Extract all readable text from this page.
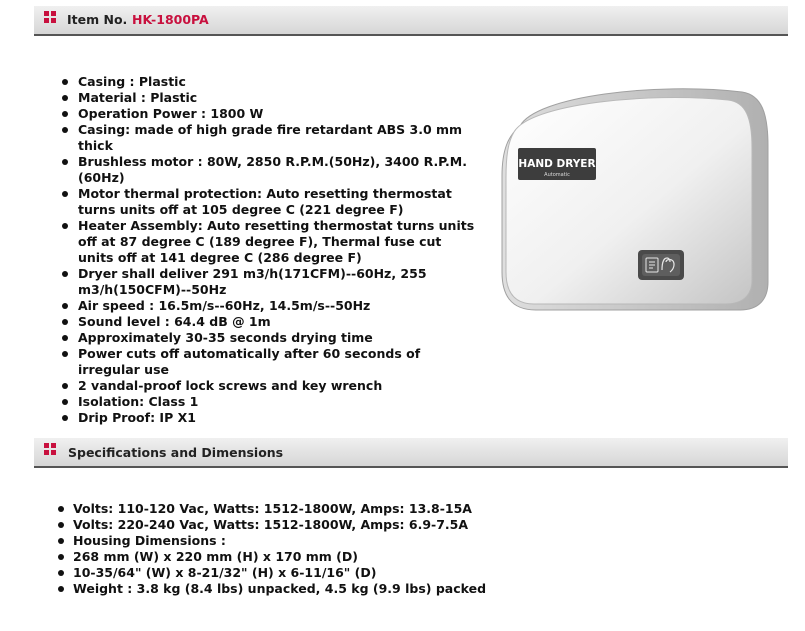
Item No. HK-1800PA
Casing : Plastic
Material : Plastic
Operation Power : 1800 W
Casing: made of high grade fire retardant ABS 3.0 mm thick
Brushless motor : 80W, 2850 R.P.M.(50Hz), 3400 R.P.M.(60Hz)
Motor thermal protection: Auto resetting thermostat turns units off at 105 degree C (221 degree F)
Heater Assembly: Auto resetting thermostat turns units off at 87 degree C (189 degree F), Thermal fuse cut units off at 141 degree C (286 degree F)
Dryer shall deliver 291 m3/h(171CFM)--60Hz, 255 m3/h(150CFM)--50Hz
Air speed : 16.5m/s--60Hz, 14.5m/s--50Hz
Sound level : 64.4 dB @ 1m
Approximately 30-35 seconds drying time
Power cuts off automatically after 60 seconds of irregular use
2 vandal-proof lock screws and key wrench
Isolation: Class 1
Drip Proof: IP X1
HAND DRYER
Automatic
Specifications and Dimensions
Volts: 110-120 Vac, Watts: 1512-1800W, Amps: 13.8-15A
Volts: 220-240 Vac, Watts: 1512-1800W, Amps: 6.9-7.5A
Housing Dimensions :
268 mm (W) x 220 mm (H) x 170 mm (D)
10-35/64" (W) x 8-21/32" (H) x 6-11/16" (D)
Weight : 3.8 kg (8.4 lbs) unpacked, 4.5 kg (9.9 lbs) packed
